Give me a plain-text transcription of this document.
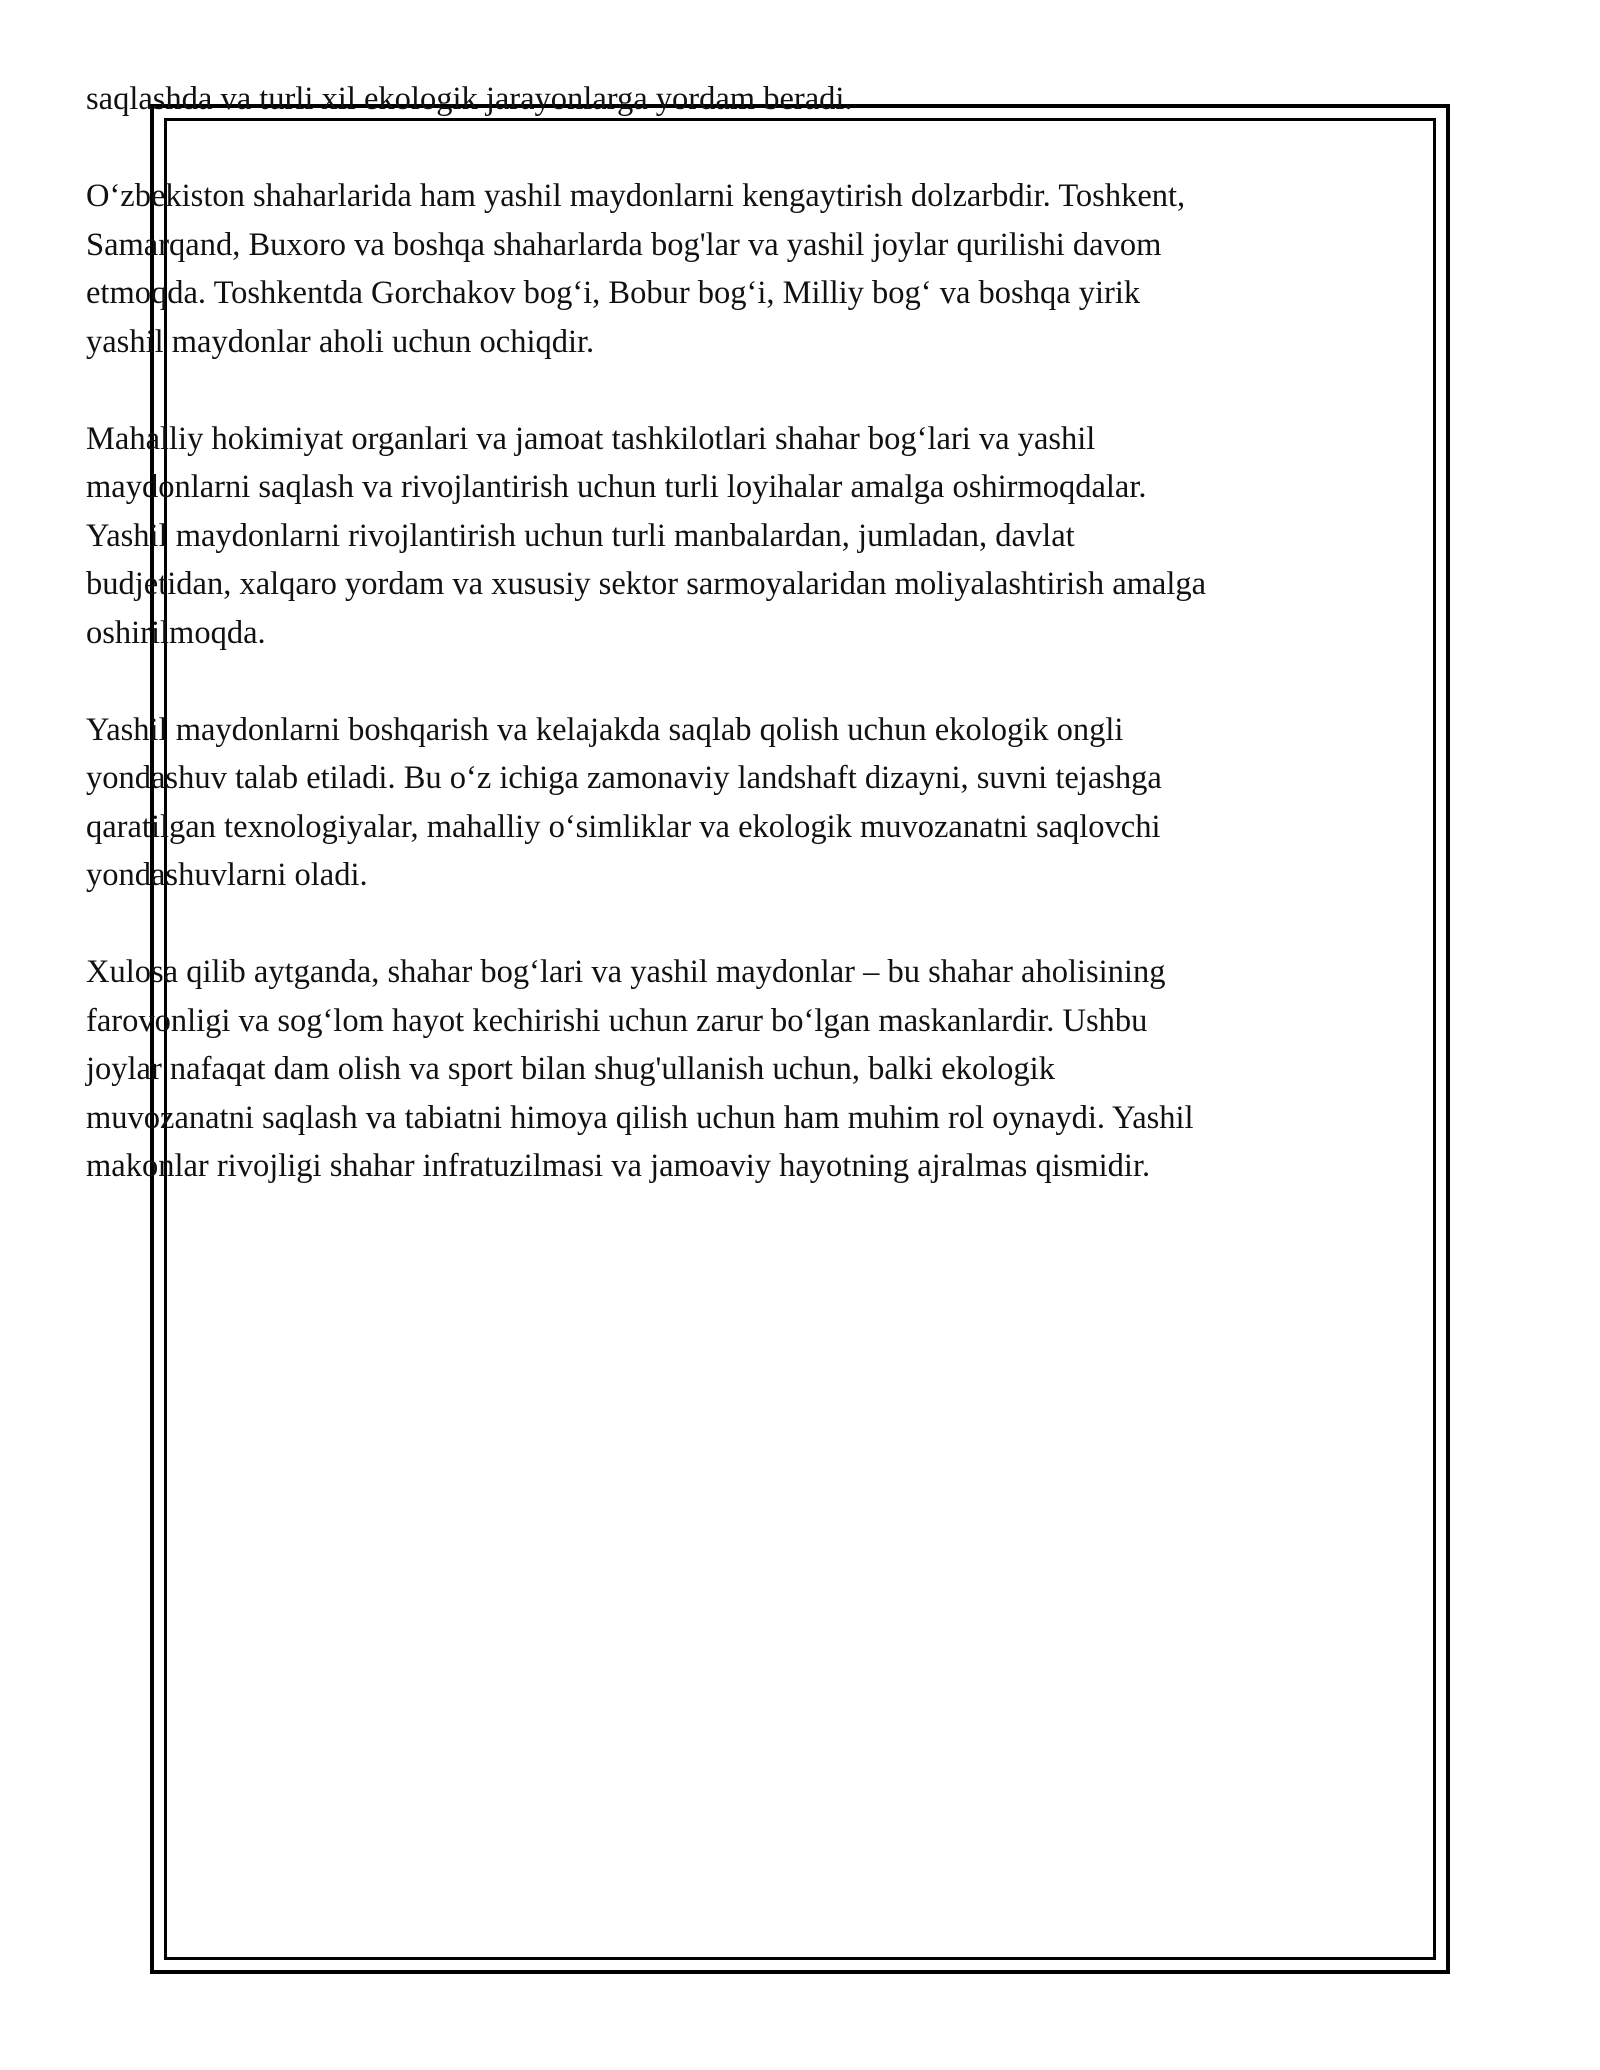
saqlashda va turli xil ekologik jarayonlarga yordam beradi.

O‘zbekiston shaharlarida ham yashil maydonlarni kengaytirish dolzarbdir. Toshkent, Samarqand, Buxoro va boshqa shaharlarda bog'lar va yashil joylar qurilishi davom etmoqda. Toshkentda Gorchakov bog‘i, Bobur bog‘i, Milliy bog‘ va boshqa yirik yashil maydonlar aholi uchun ochiqdir.

Mahalliy hokimiyat organlari va jamoat tashkilotlari shahar bog‘lari va yashil maydonlarni saqlash va rivojlantirish uchun turli loyihalar amalga oshirmoqdalar. Yashil maydonlarni rivojlantirish uchun turli manbalardan, jumladan, davlat budjetidan, xalqaro yordam va xususiy sektor sarmoyalaridan moliyalashtirish amalga oshirilmoqda.

Yashil maydonlarni boshqarish va kelajakda saqlab qolish uchun ekologik ongli yondashuv talab etiladi. Bu o‘z ichiga zamonaviy landshaft dizayni, suvni tejashga qaratilgan texnologiyalar, mahalliy o‘simliklar va ekologik muvozanatni saqlovchi yondashuvlarni oladi.

Xulosa qilib aytganda, shahar bog‘lari va yashil maydonlar – bu shahar aholisining farovonligi va sog‘lom hayot kechirishi uchun zarur bo‘lgan maskanlardir. Ushbu joylar nafaqat dam olish va sport bilan shug'ullanish uchun, balki ekologik muvozanatni saqlash va tabiatni himoya qilish uchun ham muhim rol oynaydi. Yashil makonlar rivojligi shahar infratuzilmasi va jamoaviy hayotning ajralmas qismidir.
